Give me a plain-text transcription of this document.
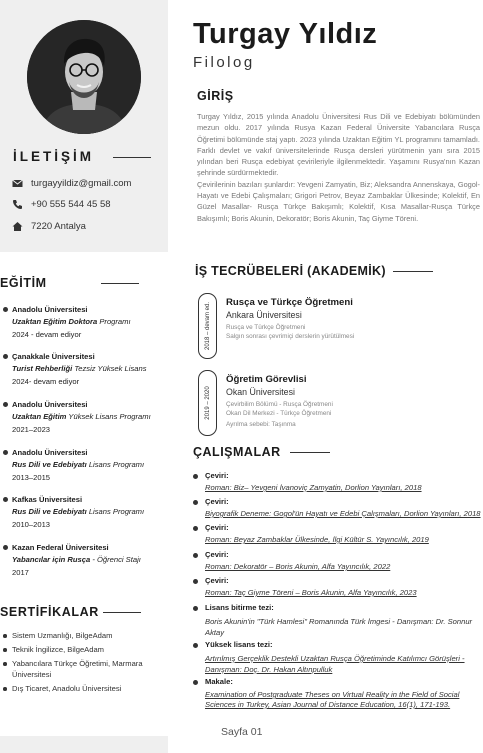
Turgay Yıldız
Filolog
İLETİŞİM
turgayyildiz@gmail.com
+90 555 544 45 58
7220 Antalya
EĞİTİM
Anadolu Üniversitesi
Uzaktan Eğitim Doktora Programı
2024 - devam ediyor
Çanakkale Üniversitesi
Turist Rehberliği Tezsiz Yüksek Lisans
2024- devam ediyor
Anadolu Üniversitesi
Uzaktan Eğitim Yüksek Lisans Programı
2021–2023
Anadolu Üniversitesi
Rus Dili ve Edebiyatı Lisans Programı
2013–2015
Kafkas Üniversitesi
Rus Dili ve Edebiyatı Lisans Programı
2010–2013
Kazan Federal Üniversitesi
Yabancılar için Rusça - Öğrenci Stajı
2017
SERTİFİKALAR
Sistem Uzmanlığı, BilgeAdam
Teknik İngilizce, BilgeAdam
Yabancılara Türkçe Öğretimi, Marmara Üniversitesi
Dış Ticaret, Anadolu Üniversitesi
GİRİŞ

Turgay Yıldız, 2015 yılında Anadolu Üniversitesi Rus Dili ve Edebiyatı bölümünden mezun oldu. 2017 yılında Rusya Kazan Federal Üniversite Yabancılara Rusça Öğretimi bölümünde staj yaptı. 2023 yılında Uzaktan Eğitim YL programını tamamladı. Farklı devlet ve vakıf üniversitelerinde Rusça dersleri yürütmenin yanı sıra 2015 yılından beri Rusça edebiyat çevirileriyle ilgilenmektedir. Yaşamını Rusya'nın Kazan şehrinde sürdürmektedir.

Çevirilerinin bazıları şunlardır: Yevgeni Zamyatin, Biz; Aleksandra Annenskaya, Gogol- Hayatı ve Edebi Çalışmaları; Grigori Petrov, Beyaz Zambaklar Ülkesinde; Kolektif, En Güzel Masallar- Rusça Türkçe Bakışımlı; Kolektif, Kısa Masallar-Rusça Türkçe Bakışımlı; Boris Akunin, Dekoratör; Boris Akunin, Taç Giyme Töreni.

İŞ TECRÜBELERİ (AKADEMİK)
2018 – devam ed. Rusça ve Türkçe Öğretmeni
Ankara Üniversitesi
Rusça ve Türkçe Öğretmeni
Salgın sonrası çevrimiçi derslerin yürütülmesi
2019 – 2020
Öğretim Görevlisi
Okan Üniversitesi
Çevirbilim Bölümü - Rusça Öğretmeni
Okan Dil Merkezi - Türkçe Öğretmeni
Ayrılma sebebi: Taşınma
ÇALIŞMALAR
Çeviri:
Roman: Biz– Yevgeni İvanoviç Zamyatin, Dorlion Yayınları, 2018
Çeviri:
Biyografik Deneme: Gogol'ün Hayatı ve Edebi Çalışmaları, Dorlion Yayınları, 2018
Çeviri:
Roman: Beyaz Zambaklar Ülkesinde, İlgi Kültür S. Yayıncılık, 2019
Çeviri:
Roman: Dekoratör – Boris Akunin, Alfa Yayıncılık, 2022
Çeviri:
Roman: Taç Giyme Töreni – Boris Akunin, Alfa Yayıncılık, 2023
Lisans bitirme tezi:
Boris Akunin'in "Türk Hamlesi" Romanında Türk İmgesi - Danışman: Dr. Sonnur
Aktay
Yüksek lisans tezi:
Artırılmış Gerçeklik Destekli Uzaktan Rusça Öğretiminde Katılımcı Görüşleri -
Danışman: Doç. Dr. Hakan Altınpulluk
Makale:
Examination of Postgraduate Theses on Virtual Reality in the Field of Social
Sciences in Turkey, Asian Journal of Distance Education, 16(1), 171-193.
Sayfa 01
